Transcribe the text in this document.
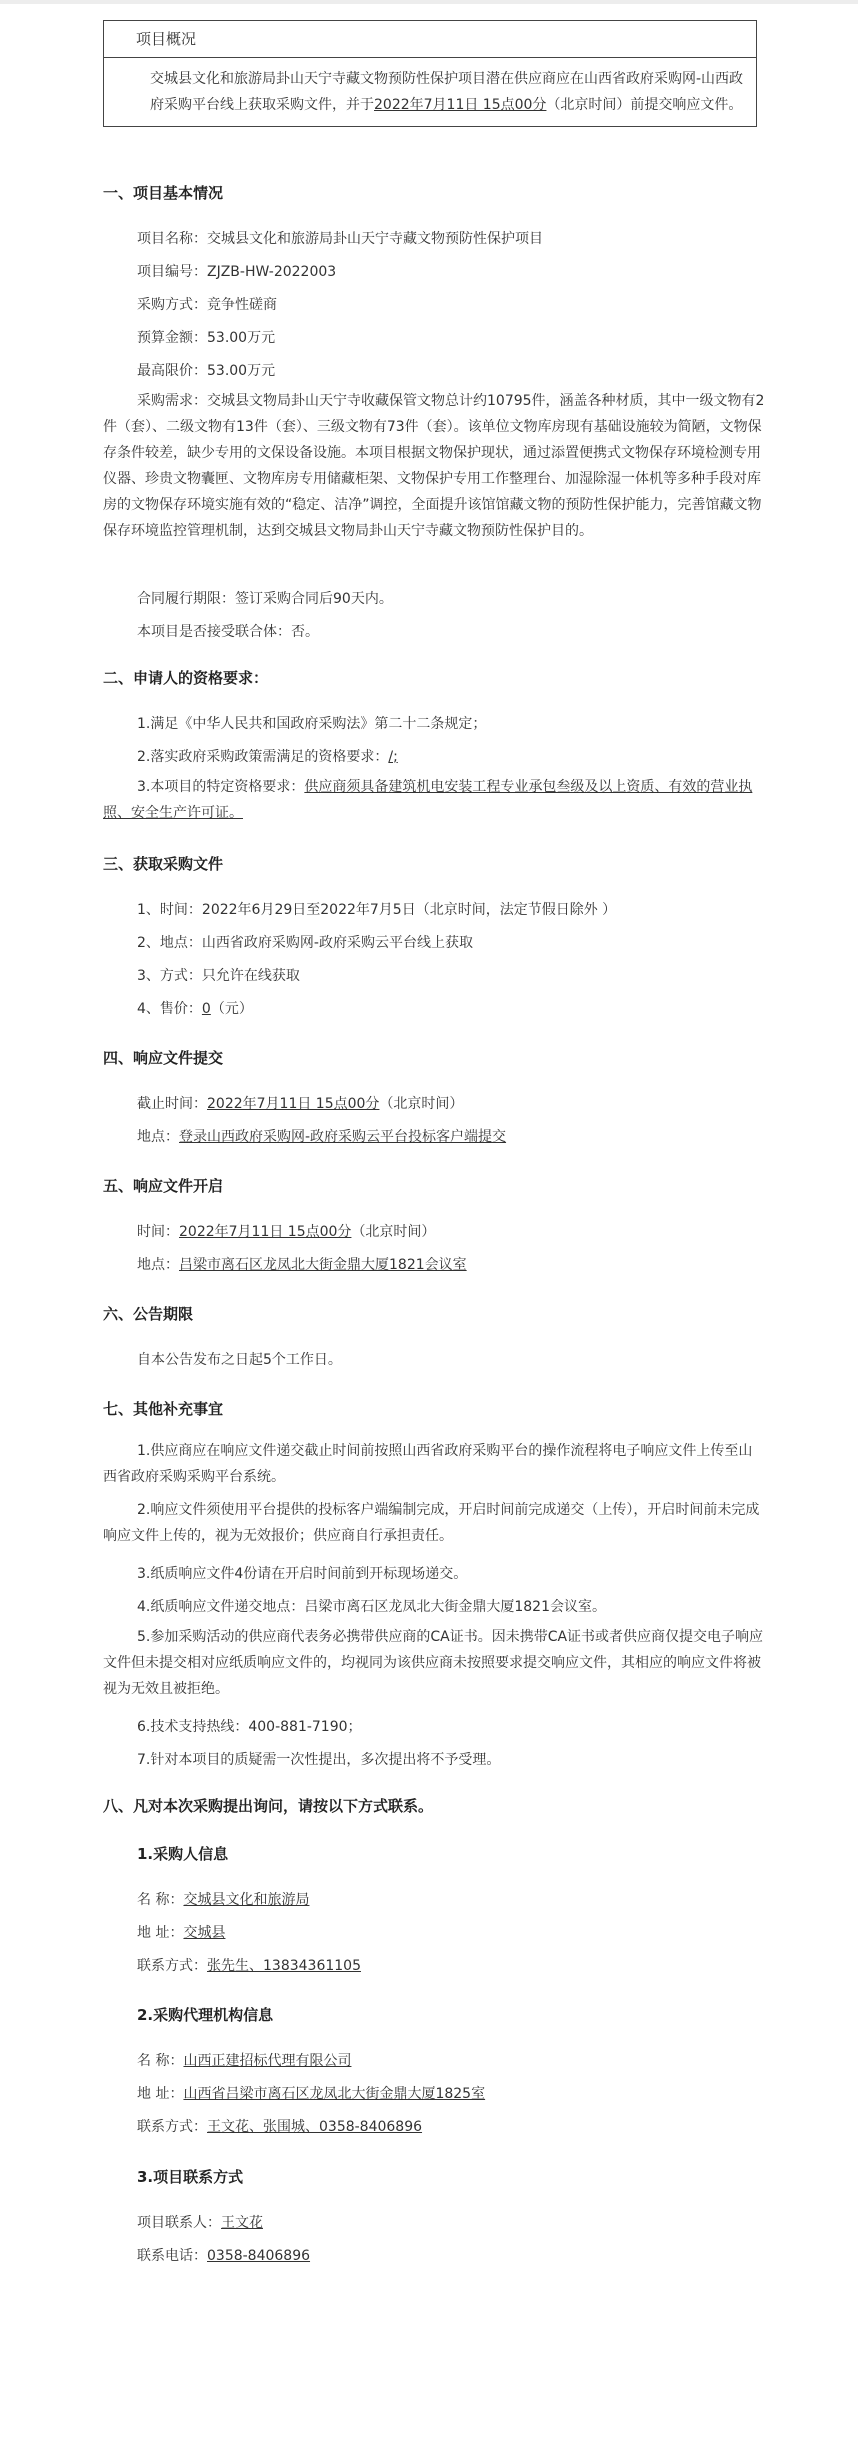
项目概况
交城县文化和旅游局卦山天宁寺藏文物预防性保护项目潜在供应商应在山西省政府采购网-山西政府采购平台线上获取采购文件，并于2022年7月11日 15点00分（北京时间）前提交响应文件。
一、项目基本情况
项目名称：交城县文化和旅游局卦山天宁寺藏文物预防性保护项目
项目编号：ZJZB-HW-2022003
采购方式：竞争性磋商
预算金额：53.00万元
最高限价：53.00万元
采购需求：交城县文物局卦山天宁寺收藏保管文物总计约10795件，涵盖各种材质，其中一级文物有2件（套）、二级文物有13件（套）、三级文物有73件（套）。该单位文物库房现有基础设施较为简陋，文物保存条件较差，缺少专用的文保设备设施。本项目根据文物保护现状，通过添置便携式文物保存环境检测专用仪器、珍贵文物囊匣、文物库房专用储藏柜架、文物保护专用工作整理台、加湿除湿一体机等多种手段对库房的文物保存环境实施有效的“稳定、洁净”调控，全面提升该馆馆藏文物的预防性保护能力，完善馆藏文物保存环境监控管理机制，达到交城县文物局卦山天宁寺藏文物预防性保护目的。
合同履行期限：签订采购合同后90天内。
本项目是否接受联合体：否。
二、申请人的资格要求：
1.满足《中华人民共和国政府采购法》第二十二条规定；
2.落实政府采购政策需满足的资格要求：/;
3.本项目的特定资格要求：供应商须具备建筑机电安装工程专业承包叁级及以上资质、有效的营业执照、安全生产许可证。
三、获取采购文件
1、时间：2022年6月29日至2022年7月5日（北京时间，法定节假日除外 ）
2、地点：山西省政府采购网-政府采购云平台线上获取
3、方式：只允许在线获取
4、售价：0（元）
四、响应文件提交
截止时间：2022年7月11日 15点00分（北京时间）
地点：登录山西政府采购网-政府采购云平台投标客户端提交
五、响应文件开启
时间：2022年7月11日 15点00分（北京时间）
地点：吕梁市离石区龙凤北大街金鼎大厦1821会议室
六、公告期限
自本公告发布之日起5个工作日。
七、其他补充事宜
1.供应商应在响应文件递交截止时间前按照山西省政府采购平台的操作流程将电子响应文件上传至山西省政府采购采购平台系统。
2.响应文件须使用平台提供的投标客户端编制完成，开启时间前完成递交（上传），开启时间前未完成响应文件上传的，视为无效报价；供应商自行承担责任。
3.纸质响应文件4份请在开启时间前到开标现场递交。
4.纸质响应文件递交地点：吕梁市离石区龙凤北大街金鼎大厦1821会议室。
5.参加采购活动的供应商代表务必携带供应商的CA证书。因未携带CA证书或者供应商仅提交电子响应文件但未提交相对应纸质响应文件的，均视同为该供应商未按照要求提交响应文件，其相应的响应文件将被视为无效且被拒绝。
6.技术支持热线：400-881-7190；
7.针对本项目的质疑需一次性提出，多次提出将不予受理。
八、凡对本次采购提出询问，请按以下方式联系。
1.采购人信息
名 称：交城县文化和旅游局
地 址：交城县
联系方式：张先生、13834361105
2.采购代理机构信息
名 称：山西正建招标代理有限公司
地 址：山西省吕梁市离石区龙凤北大街金鼎大厦1825室
联系方式：王文花、张围城、0358-8406896
3.项目联系方式
项目联系人：王文花
联系电话：0358-8406896
